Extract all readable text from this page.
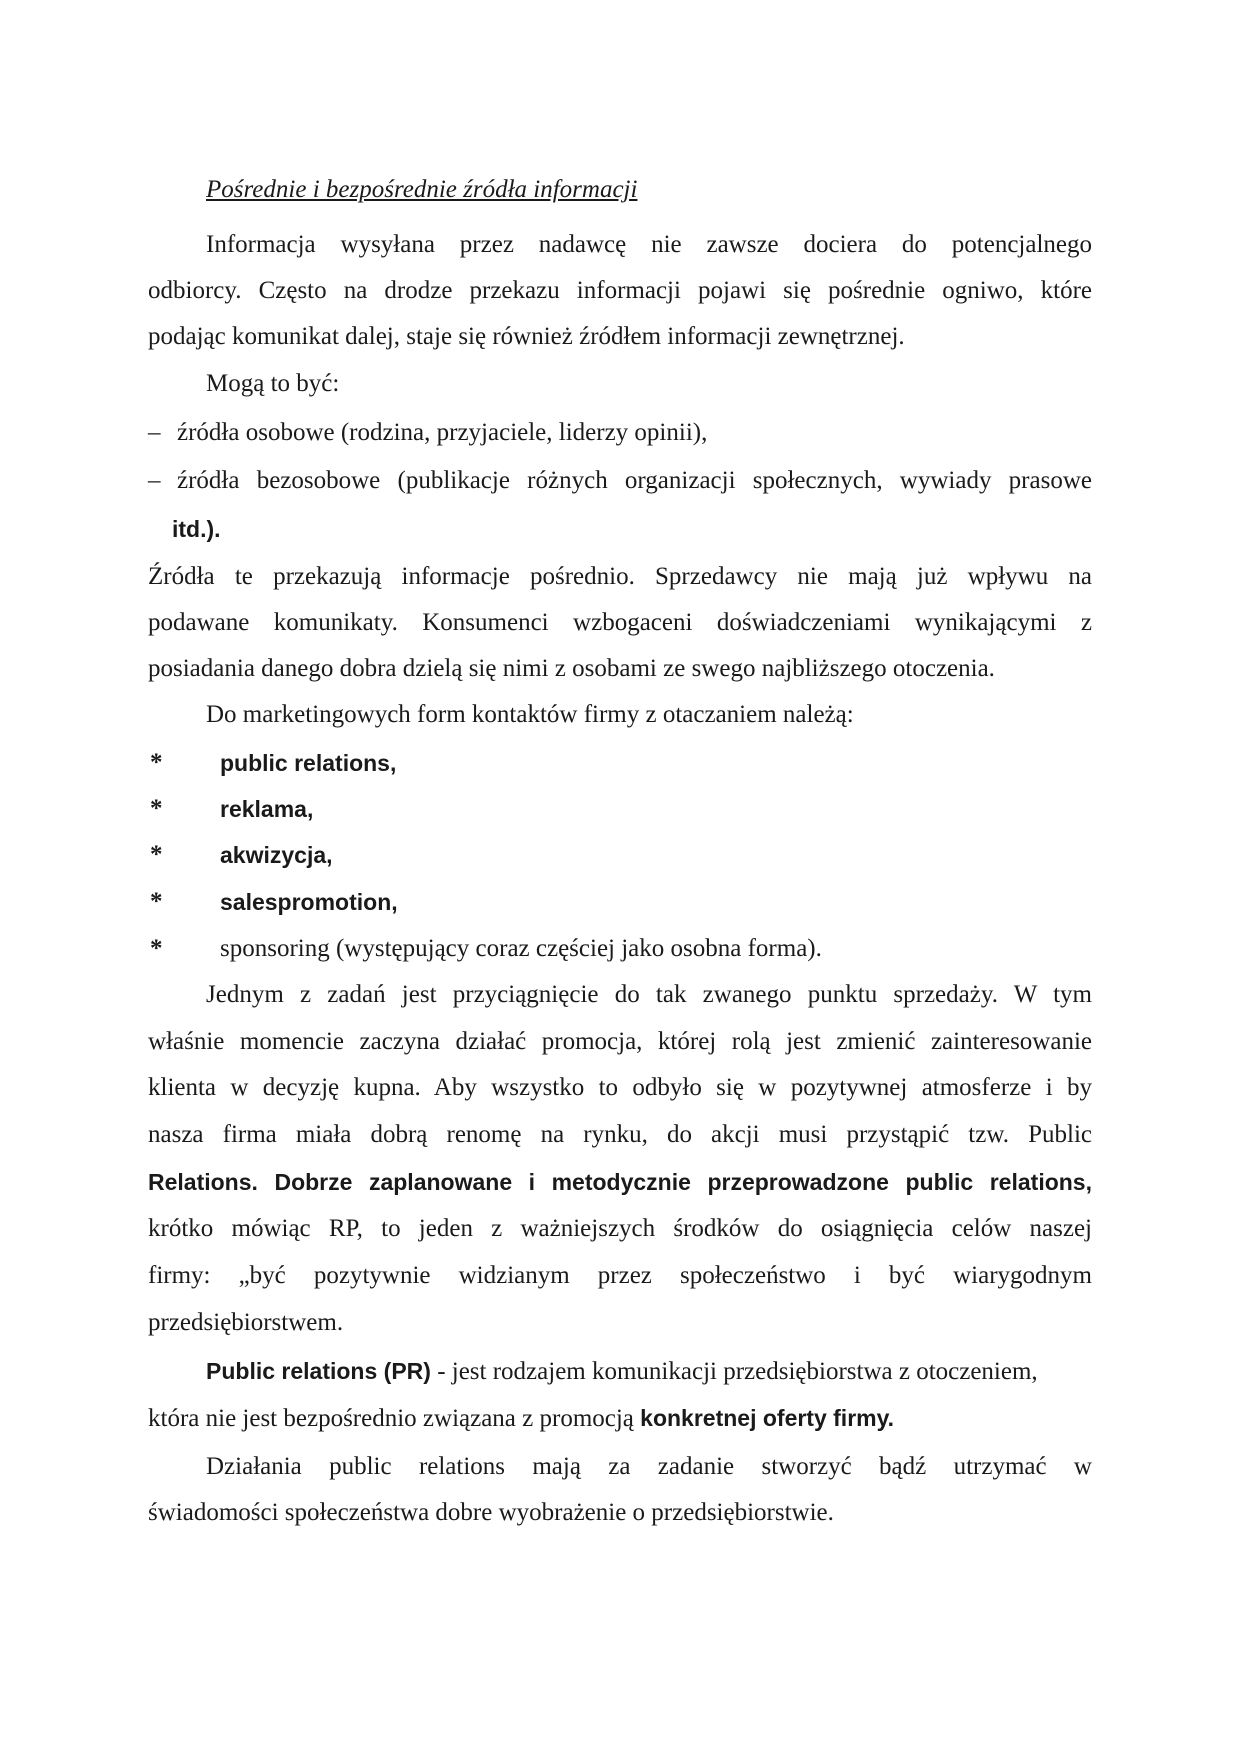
Pośrednie i bezpośrednie źródła informacji
Informacja wysyłana przez nadawcę nie zawsze dociera do potencjalnego
odbiorcy. Często na drodze przekazu informacji pojawi się pośrednie ogniwo, które
podając komunikat dalej, staje się również źródłem informacji zewnętrznej.
Mogą to być:
– źródła osobowe (rodzina, przyjaciele, liderzy opinii),
– źródła bezosobowe (publikacje różnych organizacji społecznych, wywiady prasowe
itd.).
Źródła te przekazują informacje pośrednio. Sprzedawcy nie mają już wpływu na
podawane komunikaty. Konsumenci wzbogaceni doświadczeniami wynikającymi z
posiadania danego dobra dzielą się nimi z osobami ze swego najbliższego otoczenia.
Do marketingowych form kontaktów firmy z otaczaniem należą:
*	public relations,
*	reklama,
*	akwizycja,
*	salespromotion,
* sponsoring (występujący coraz częściej jako osobna forma).
Jednym z zadań jest przyciągnięcie do tak zwanego punktu sprzedaży. W tym
właśnie momencie zaczyna działać promocja, której rolą jest zmienić zainteresowanie
klienta w decyzję kupna. Aby wszystko to odbyło się w pozytywnej atmosferze i by
nasza firma miała dobrą renomę na rynku, do akcji musi przystąpić tzw. Public
Relations. Dobrze zaplanowane i metodycznie przeprowadzone public relations,
krótko mówiąc RP, to jeden z ważniejszych środków do osiągnięcia celów naszej
firmy: „być pozytywnie widzianym przez społeczeństwo i być wiarygodnym
przedsiębiorstwem.
Public relations (PR) - jest rodzajem komunikacji przedsiębiorstwa z otoczeniem,
która nie jest bezpośrednio związana z promocją konkretnej oferty firmy.
Działania public relations mają za zadanie stworzyć bądź utrzymać w
świadomości społeczeństwa dobre wyobrażenie o przedsiębiorstwie.
